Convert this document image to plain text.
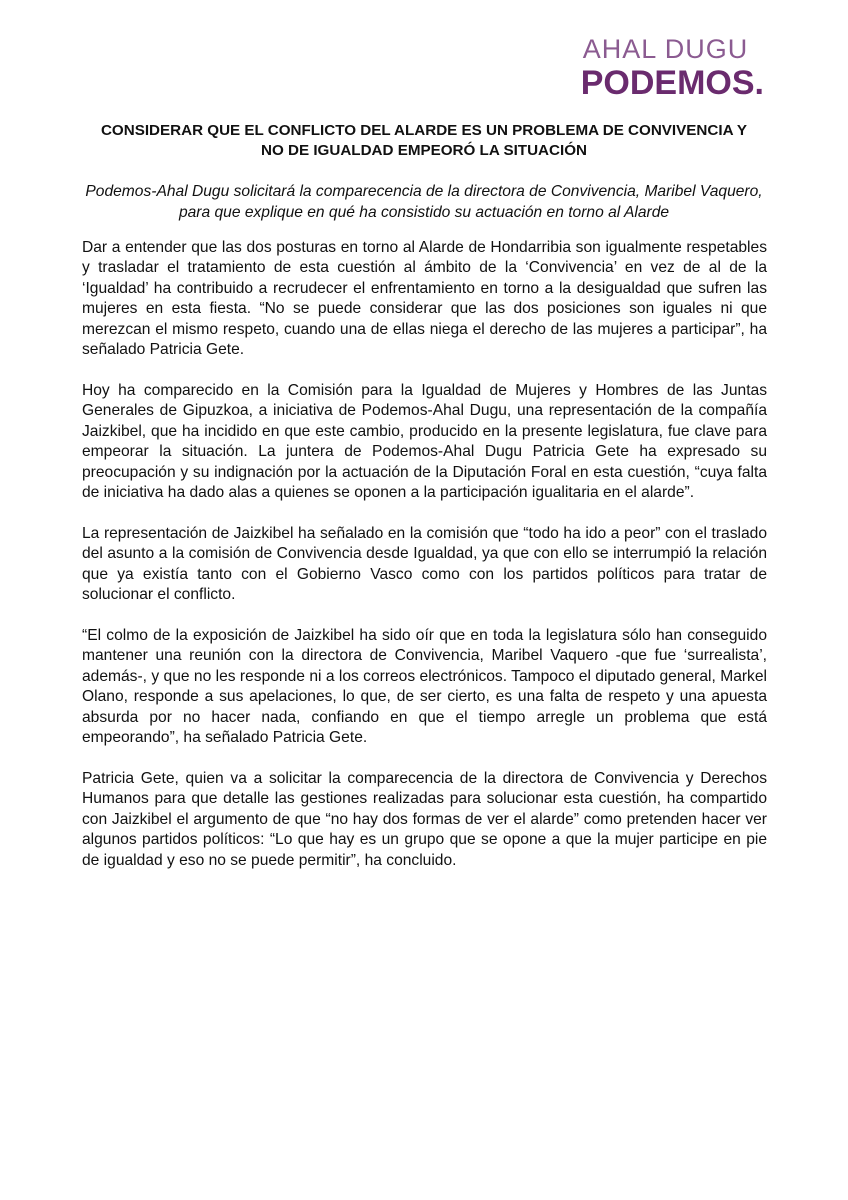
AHAL DUGU
PODEMOS.
CONSIDERAR QUE EL CONFLICTO DEL ALARDE ES UN PROBLEMA DE CONVIVENCIA Y NO DE IGUALDAD EMPEORÓ LA SITUACIÓN

Podemos-Ahal Dugu solicitará la comparecencia de la directora de Convivencia, Maribel Vaquero, para que explique en qué ha consistido su actuación en torno al Alarde

Dar a entender que las dos posturas en torno al Alarde de Hondarribia son igualmente respetables y trasladar el tratamiento de esta cuestión al ámbito de la ‘Convivencia’ en vez de al de la ‘Igualdad’ ha contribuido a recrudecer el enfrentamiento en torno a la desigualdad que sufren las mujeres en esta fiesta. “No se puede considerar que las dos posiciones son iguales ni que merezcan el mismo respeto, cuando una de ellas niega el derecho de las mujeres a participar”, ha señalado Patricia Gete.

Hoy ha comparecido en la Comisión para la Igualdad de Mujeres y Hombres de las Juntas Generales de Gipuzkoa, a iniciativa de Podemos-Ahal Dugu, una representación de la compañía Jaizkibel, que ha incidido en que este cambio, producido en la presente legislatura, fue clave para empeorar la situación. La juntera de Podemos-Ahal Dugu Patricia Gete ha expresado su preocupación y su indignación por la actuación de la Diputación Foral en esta cuestión, “cuya falta de iniciativa ha dado alas a quienes se oponen a la participación igualitaria en el alarde”.

La representación de Jaizkibel ha señalado en la comisión que “todo ha ido a peor” con el traslado del asunto a la comisión de Convivencia desde Igualdad, ya que con ello se interrumpió la relación que ya existía tanto con el Gobierno Vasco como con los partidos políticos para tratar de solucionar el conflicto.

“El colmo de la exposición de Jaizkibel ha sido oír que en toda la legislatura sólo han conseguido mantener una reunión con la directora de Convivencia, Maribel Vaquero -que fue ‘surrealista’, además-, y que no les responde ni a los correos electrónicos. Tampoco el diputado general, Markel Olano, responde a sus apelaciones, lo que, de ser cierto, es una falta de respeto y una apuesta absurda por no hacer nada, confiando en que el tiempo arregle un problema que está empeorando”, ha señalado Patricia Gete.

Patricia Gete, quien va a solicitar la comparecencia de la directora de Convivencia y Derechos Humanos para que detalle las gestiones realizadas para solucionar esta cuestión, ha compartido con Jaizkibel el argumento de que “no hay dos formas de ver el alarde” como pretenden hacer ver algunos partidos políticos: “Lo que hay es un grupo que se opone a que la mujer participe en pie de igualdad y eso no se puede permitir”, ha concluido.
